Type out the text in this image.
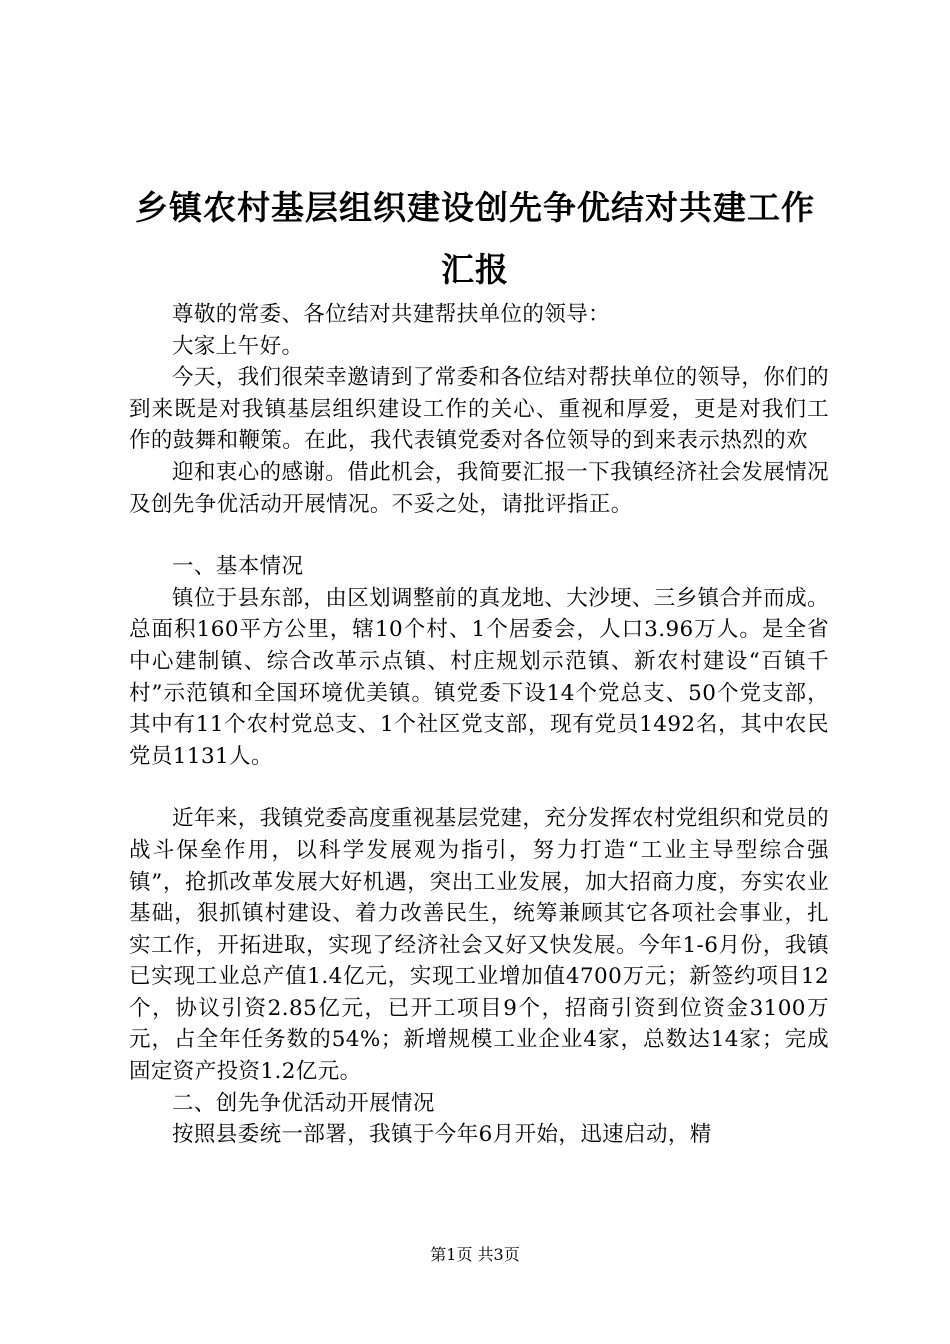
乡镇农村基层组织建设创先争优结对共建工作
汇报

尊敬的常委、各位结对共建帮扶单位的领导：

大家上午好。

今天，我们很荣幸邀请到了常委和各位结对帮扶单位的领导，你们的到来既是对我镇基层组织建设工作的关心、重视和厚爱，更是对我们工作的鼓舞和鞭策。在此，我代表镇党委对各位领导的到来表示热烈的欢

迎和衷心的感谢。借此机会，我简要汇报一下我镇经济社会发展情况及创先争优活动开展情况。不妥之处，请批评指正。

一、基本情况

镇位于县东部，由区划调整前的真龙地、大沙埂、三乡镇合并而成。总面积160平方公里，辖10个村、1个居委会，人口3.96万人。是全省中心建制镇、综合改革示点镇、村庄规划示范镇、新农村建设“百镇千村”示范镇和全国环境优美镇。镇党委下设14个党总支、50个党支部，其中有11个农村党总支、1个社区党支部，现有党员1492名，其中农民党员1131人。

近年来，我镇党委高度重视基层党建，充分发挥农村党组织和党员的战斗保垒作用，以科学发展观为指引，努力打造“工业主导型综合强镇”，抢抓改革发展大好机遇，突出工业发展，加大招商力度，夯实农业基础，狠抓镇村建设、着力改善民生，统筹兼顾其它各项社会事业，扎实工作，开拓进取，实现了经济社会又好又快发展。今年1-6月份，我镇已实现工业总产值1.4亿元，实现工业增加值4700万元；新签约项目12个，协议引资2.85亿元，已开工项目9个，招商引资到位资金3100万元，占全年任务数的54%；新增规模工业企业4家，总数达14家；完成固定资产投资1.2亿元。

二、创先争优活动开展情况

按照县委统一部署，我镇于今年6月开始，迅速启动，精

第1页 共3页
